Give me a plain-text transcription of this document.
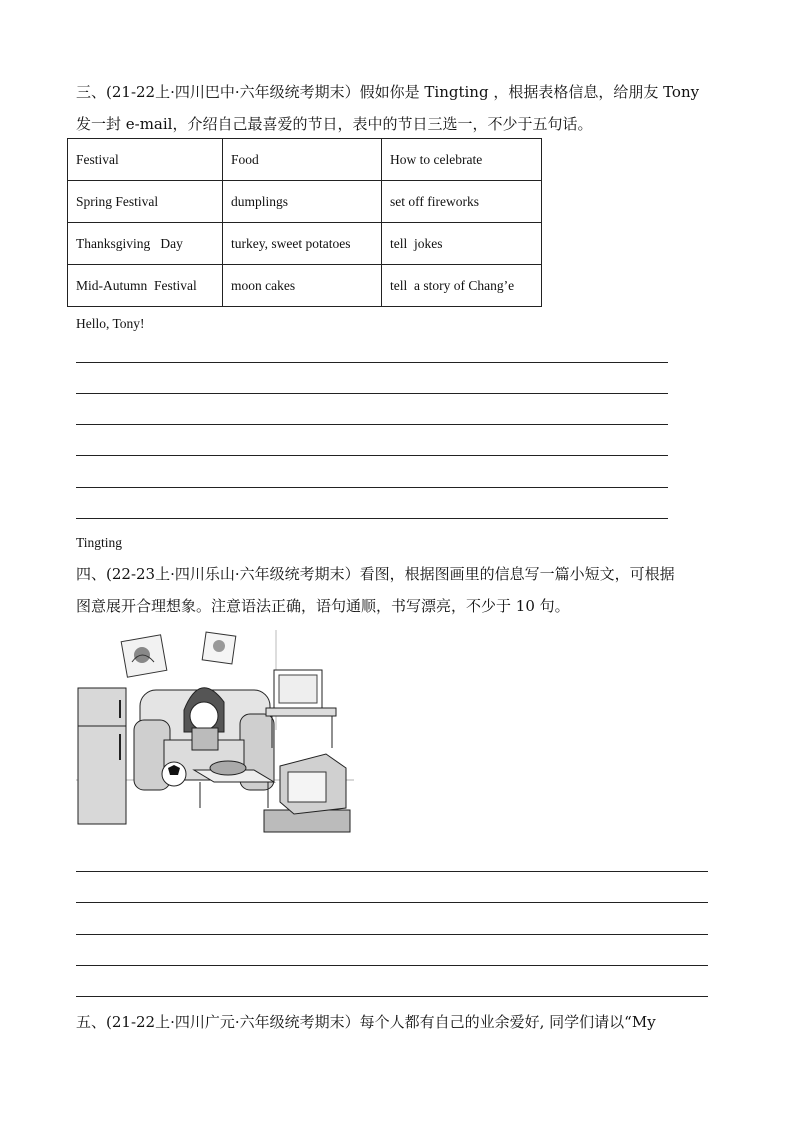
三、(21-22上·四川巴中·六年级统考期末）假如你是 Tingting ，根据表格信息，给朋友 Tony
发一封 e-mail，介绍自己最喜爱的节日，表中的节日三选一，不少于五句话。
Festival	Food	How to celebrate
Spring Festival	dumplings	set off fireworks
Thanksgiving   Day	turkey, sweet potatoes	tell  jokes
Mid-Autumn  Festival	moon cakes	tell  a story of Chang’e
Hello, Tony!
Tingting
四、(22-23上·四川乐山·六年级统考期末）看图，根据图画里的信息写一篇小短文，可根据
图意展开合理想象。注意语法正确，语句通顺，书写漂亮，不少于 10 句。
五、(21-22上·四川广元·六年级统考期末）每个人都有自己的业余爱好, 同学们请以“My
